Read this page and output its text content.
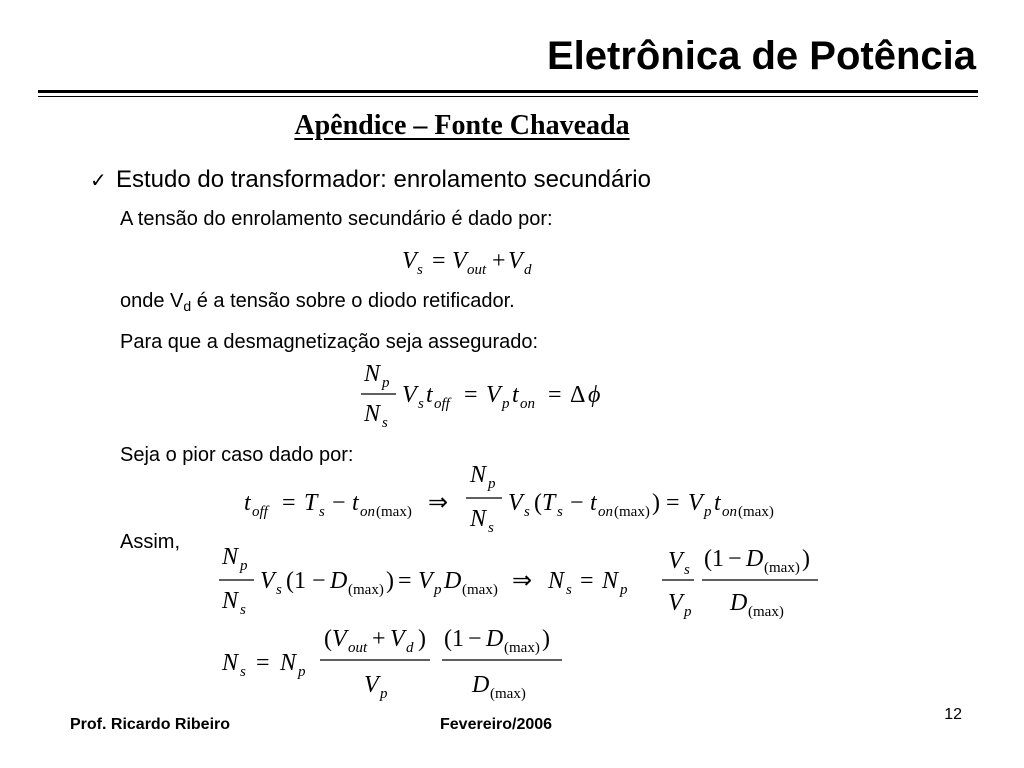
Eletrônica de Potência
Apêndice – Fonte Chaveada
✓ Estudo do transformador: enrolamento secundário
A tensão do enrolamento secundário é dado por:
V s = V out + V d
onde $V_d$ é a tensão sobre o diodo retificador.
Para que a desmagnetização seja assegurado:
N p
N s
V s t off = V p t on = Δ ϕ
Seja o pior caso dado por:
t off = T s − t on (max) ⇒
N p
N s
V s ( T s − t on (max) ) = V p t on (max)
Assim,
N p
N s
V s (1 − D (max) ) = V p D (max) ⇒ N s = N p
V s
V p
(1 − D (max) )
D (max)
N s = N p
( V out + V d )
V p
(1 − D (max) )
D (max)
Prof. Ricardo Ribeiro	Fevereiro/2006
12
